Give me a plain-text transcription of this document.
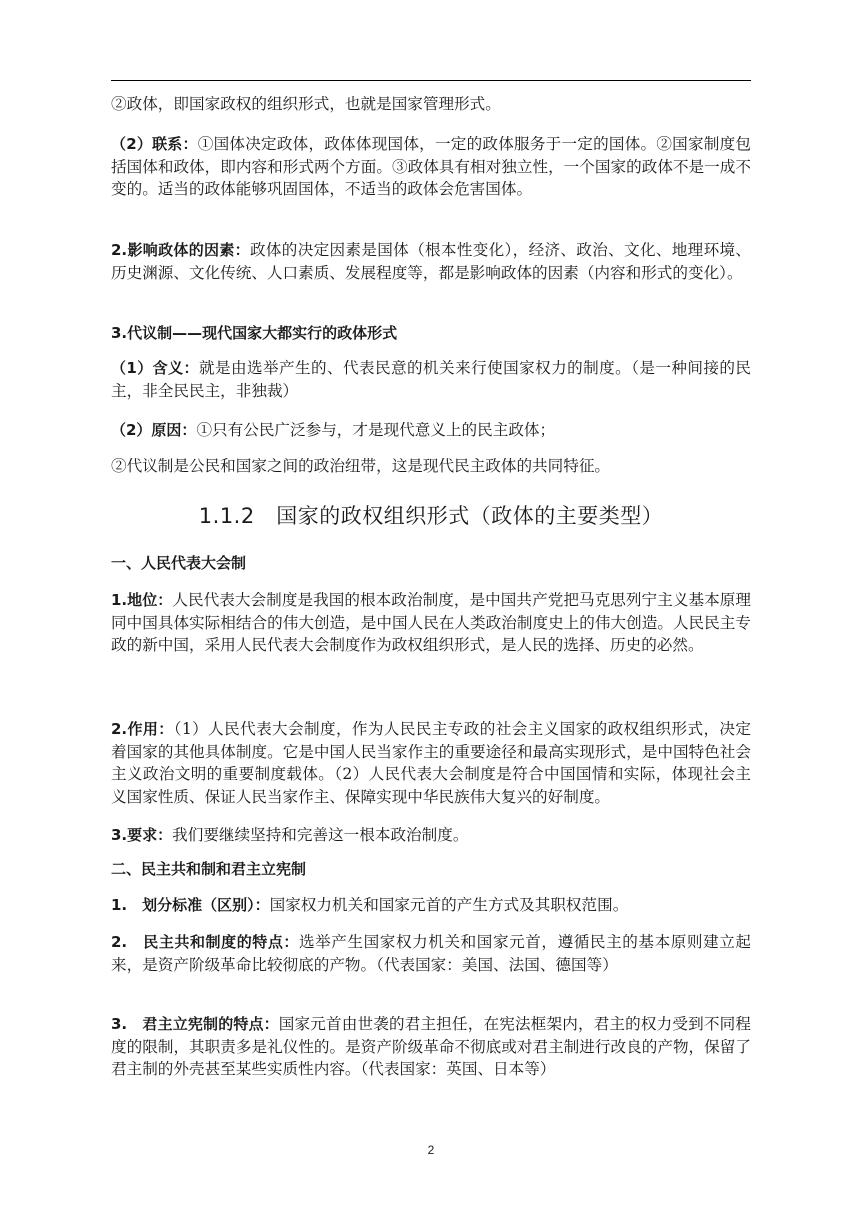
②政体，即国家政权的组织形式，也就是国家管理形式。

（2）联系：①国体决定政体，政体体现国体，一定的政体服务于一定的国体。②国家制度包括国体和政体，即内容和形式两个方面。③政体具有相对独立性，一个国家的政体不是一成不变的。适当的政体能够巩固国体，不适当的政体会危害国体。

2.影响政体的因素：政体的决定因素是国体（根本性变化），经济、政治、文化、地理环境、历史渊源、文化传统、人口素质、发展程度等，都是影响政体的因素（内容和形式的变化）。

3.代议制——现代国家大都实行的政体形式

（1）含义：就是由选举产生的、代表民意的机关来行使国家权力的制度。（是一种间接的民主，非全民民主，非独裁）

（2）原因：①只有公民广泛参与，才是现代意义上的民主政体；

②代议制是公民和国家之间的政治纽带，这是现代民主政体的共同特征。

1.1.2　国家的政权组织形式（政体的主要类型）

一、人民代表大会制

1.地位：人民代表大会制度是我国的根本政治制度，是中国共产党把马克思列宁主义基本原理同中国具体实际相结合的伟大创造，是中国人民在人类政治制度史上的伟大创造。人民民主专政的新中国，采用人民代表大会制度作为政权组织形式，是人民的选择、历史的必然。

2.作用：（1）人民代表大会制度，作为人民民主专政的社会主义国家的政权组织形式，决定着国家的其他具体制度。它是中国人民当家作主的重要途径和最高实现形式，是中国特色社会主义政治文明的重要制度载体。（2）人民代表大会制度是符合中国国情和实际，体现社会主义国家性质、保证人民当家作主、保障实现中华民族伟大复兴的好制度。

3.要求：我们要继续坚持和完善这一根本政治制度。

二、民主共和制和君主立宪制

1.　划分标准（区别）：国家权力机关和国家元首的产生方式及其职权范围。

2.　民主共和制度的特点：选举产生国家权力机关和国家元首，遵循民主的基本原则建立起来，是资产阶级革命比较彻底的产物。（代表国家：美国、法国、德国等）

3.　君主立宪制的特点：国家元首由世袭的君主担任，在宪法框架内，君主的权力受到不同程度的限制，其职责多是礼仪性的。是资产阶级革命不彻底或对君主制进行改良的产物，保留了君主制的外壳甚至某些实质性内容。（代表国家：英国、日本等）

2
